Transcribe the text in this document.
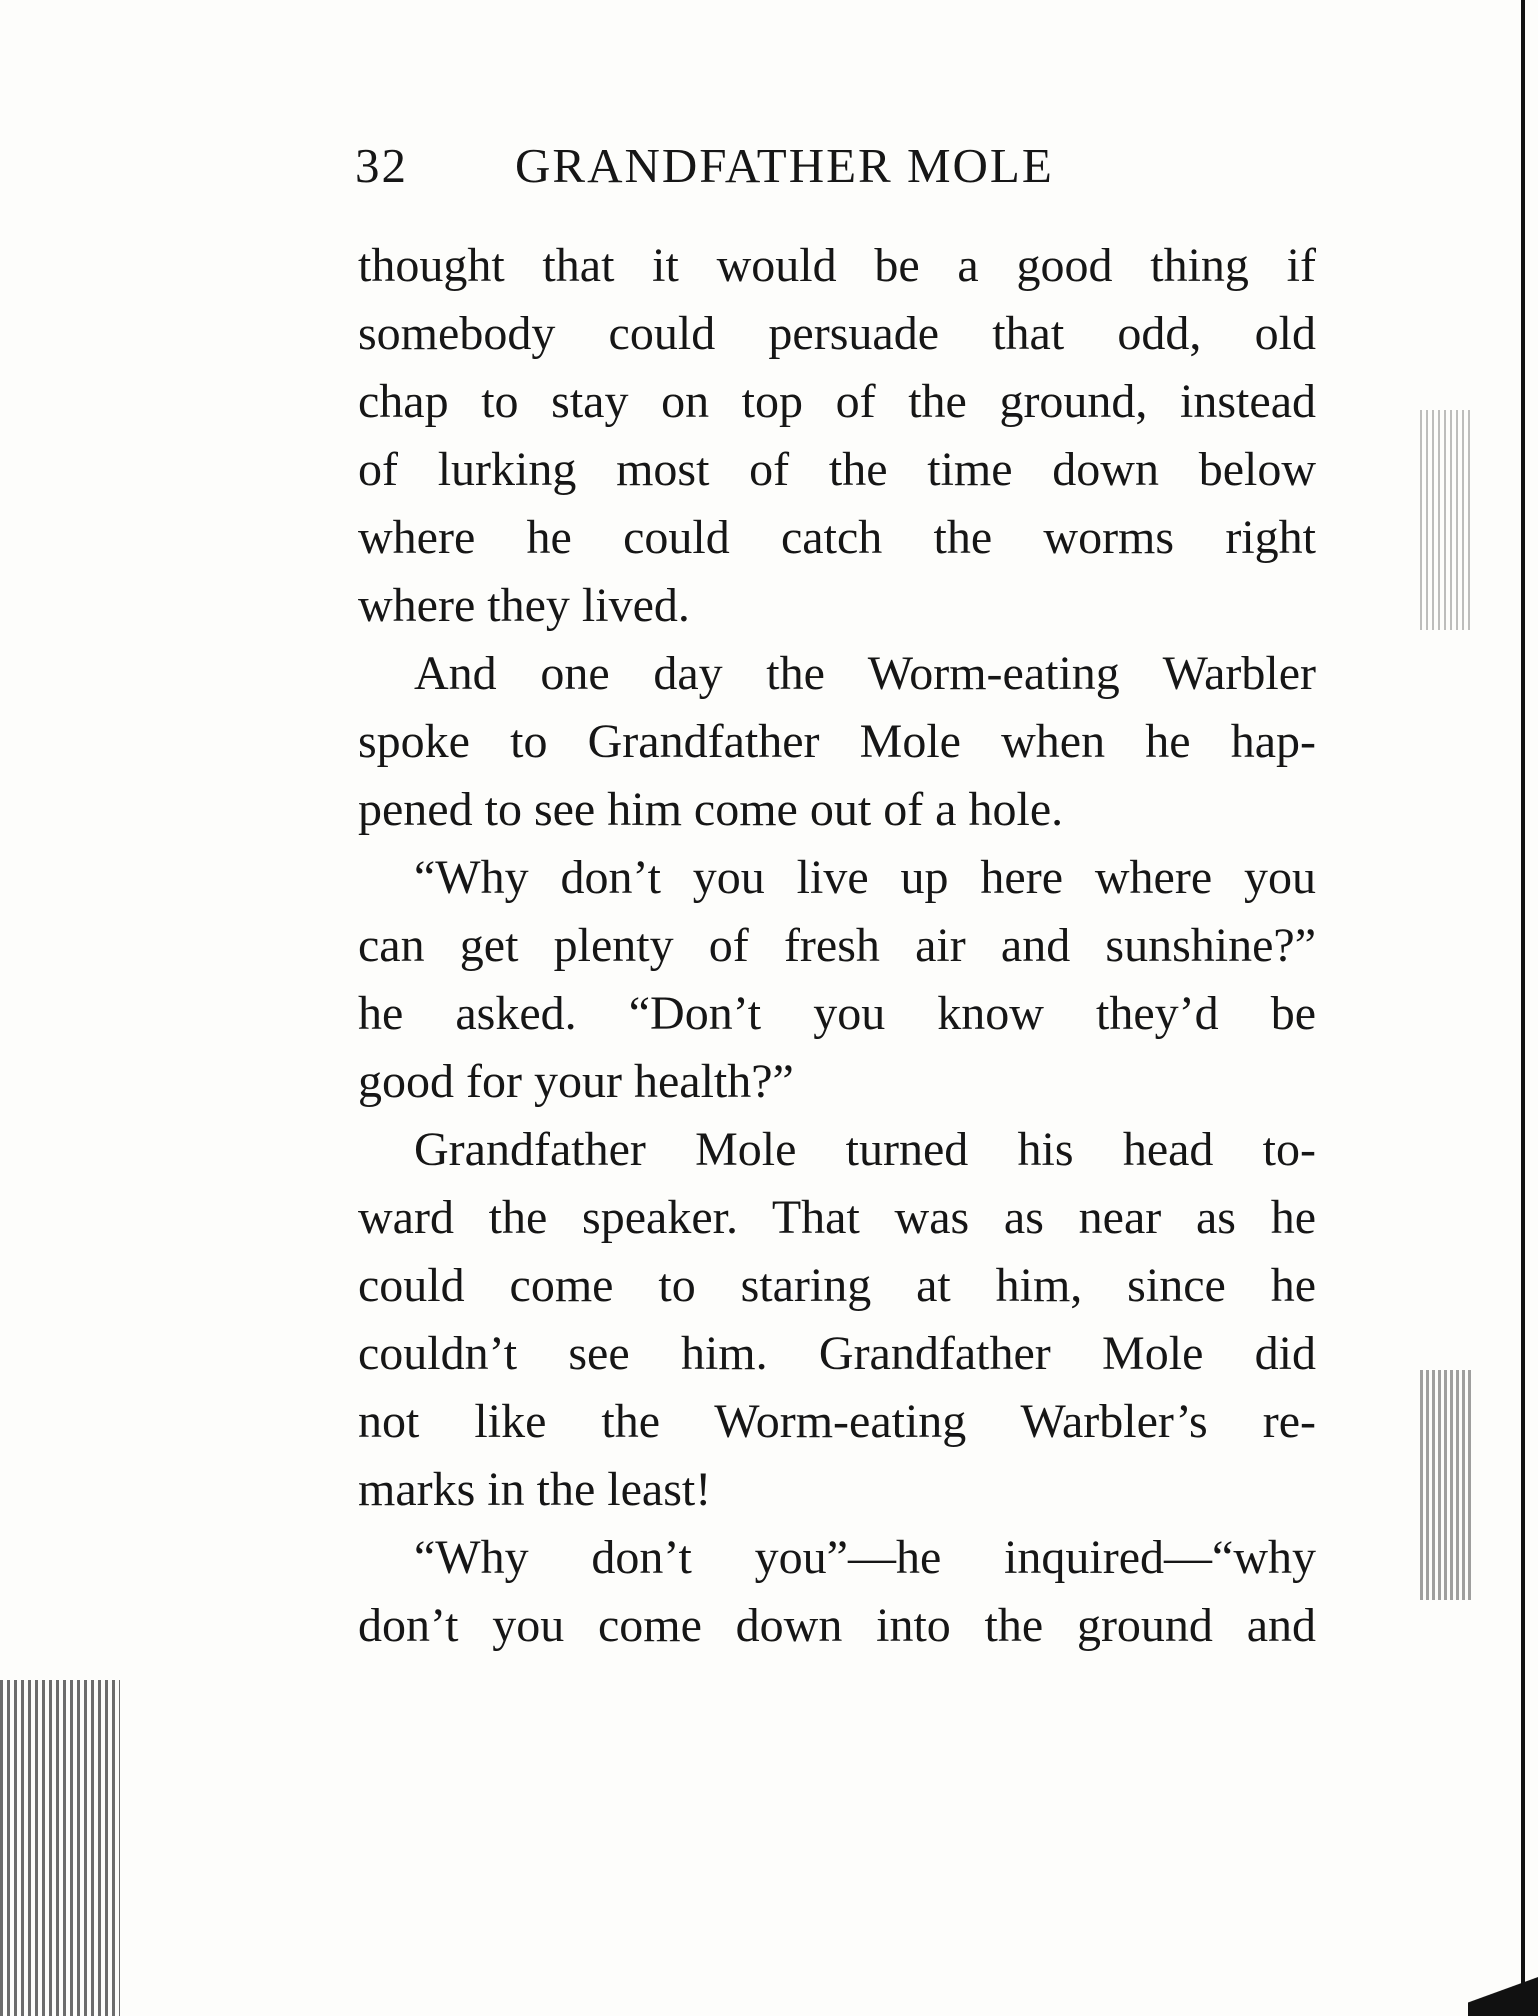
32 GRANDFATHER MOLE
thought that it would be a good thing if
somebody could persuade that odd, old
chap to stay on top of the ground, instead
of lurking most of the time down below
where he could catch the worms right
where they lived.
And one day the Worm-eating Warbler
spoke to Grandfather Mole when he hap-
pened to see him come out of a hole.
“Why don’t you live up here where you
can get plenty of fresh air and sunshine?”
he asked. “Don’t you know they’d be
good for your health?”
Grandfather Mole turned his head to-
ward the speaker. That was as near as he
could come to staring at him, since he
couldn’t see him. Grandfather Mole did
not like the Worm-eating Warbler’s re-
marks in the least!
“Why don’t you”—he inquired—“why
don’t you come down into the ground and
